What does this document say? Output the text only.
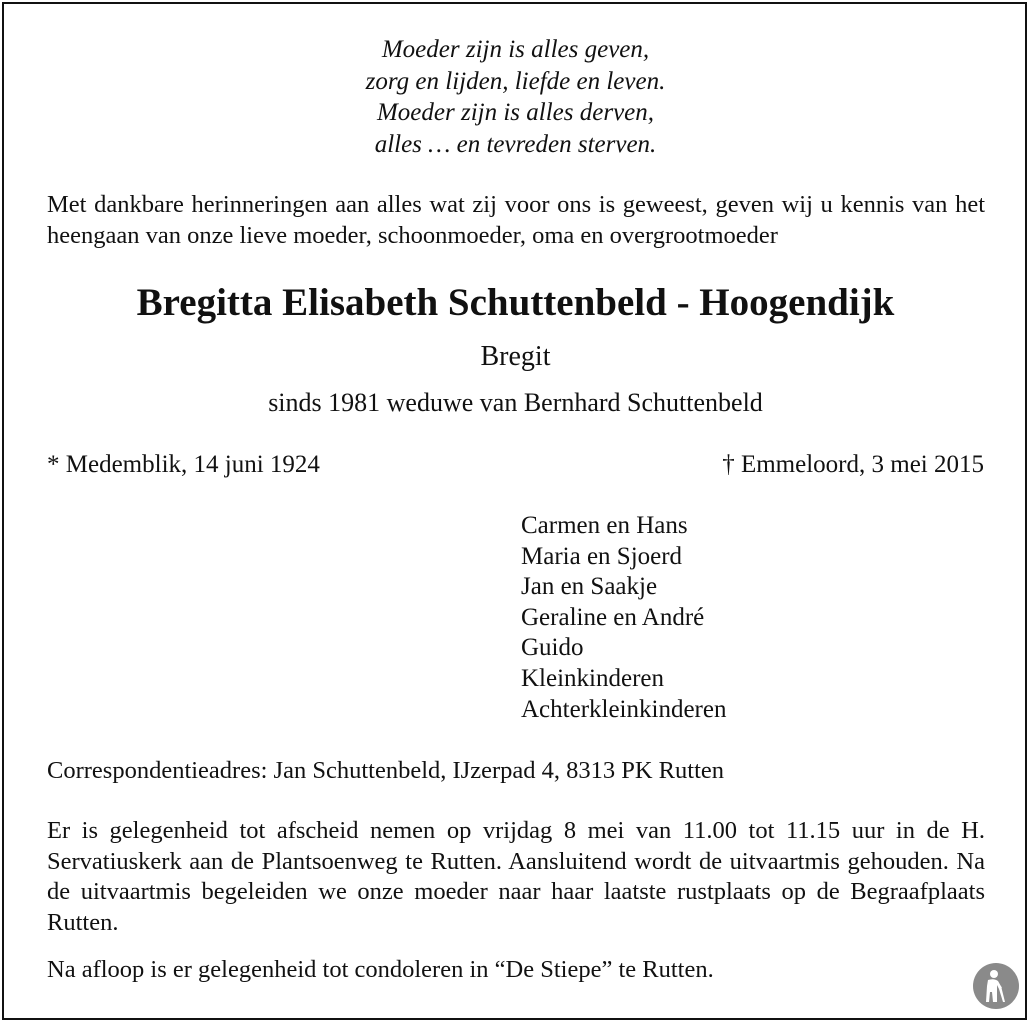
Moeder zijn is alles geven,
zorg en lijden, liefde en leven.
Moeder zijn is alles derven,
alles … en tevreden sterven.
Met dankbare herinneringen aan alles wat zij voor ons is geweest, geven wij u kennis van het heengaan van onze lieve moeder, schoonmoeder, oma en overgrootmoeder
Bregitta Elisabeth Schuttenbeld - Hoogendijk
Bregit
sinds 1981 weduwe van Bernhard Schuttenbeld
* Medemblik, 14 juni 1924	† Emmeloord, 3 mei 2015
Carmen en Hans
Maria en Sjoerd
Jan en Saakje
Geraline en André
Guido
Kleinkinderen
Achterkleinkinderen
Correspondentieadres: Jan Schuttenbeld, IJzerpad 4, 8313 PK Rutten
Er is gelegenheid tot afscheid nemen op vrijdag 8 mei van 11.00 tot 11.15 uur in de H. Servatiuskerk aan de Plantsoenweg te Rutten. Aansluitend wordt de uitvaartmis gehouden. Na de uitvaartmis begeleiden we onze moeder naar haar laatste rustplaats op de Begraafplaats Rutten.
Na afloop is er gelegenheid tot condoleren in “De Stiepe” te Rutten.
